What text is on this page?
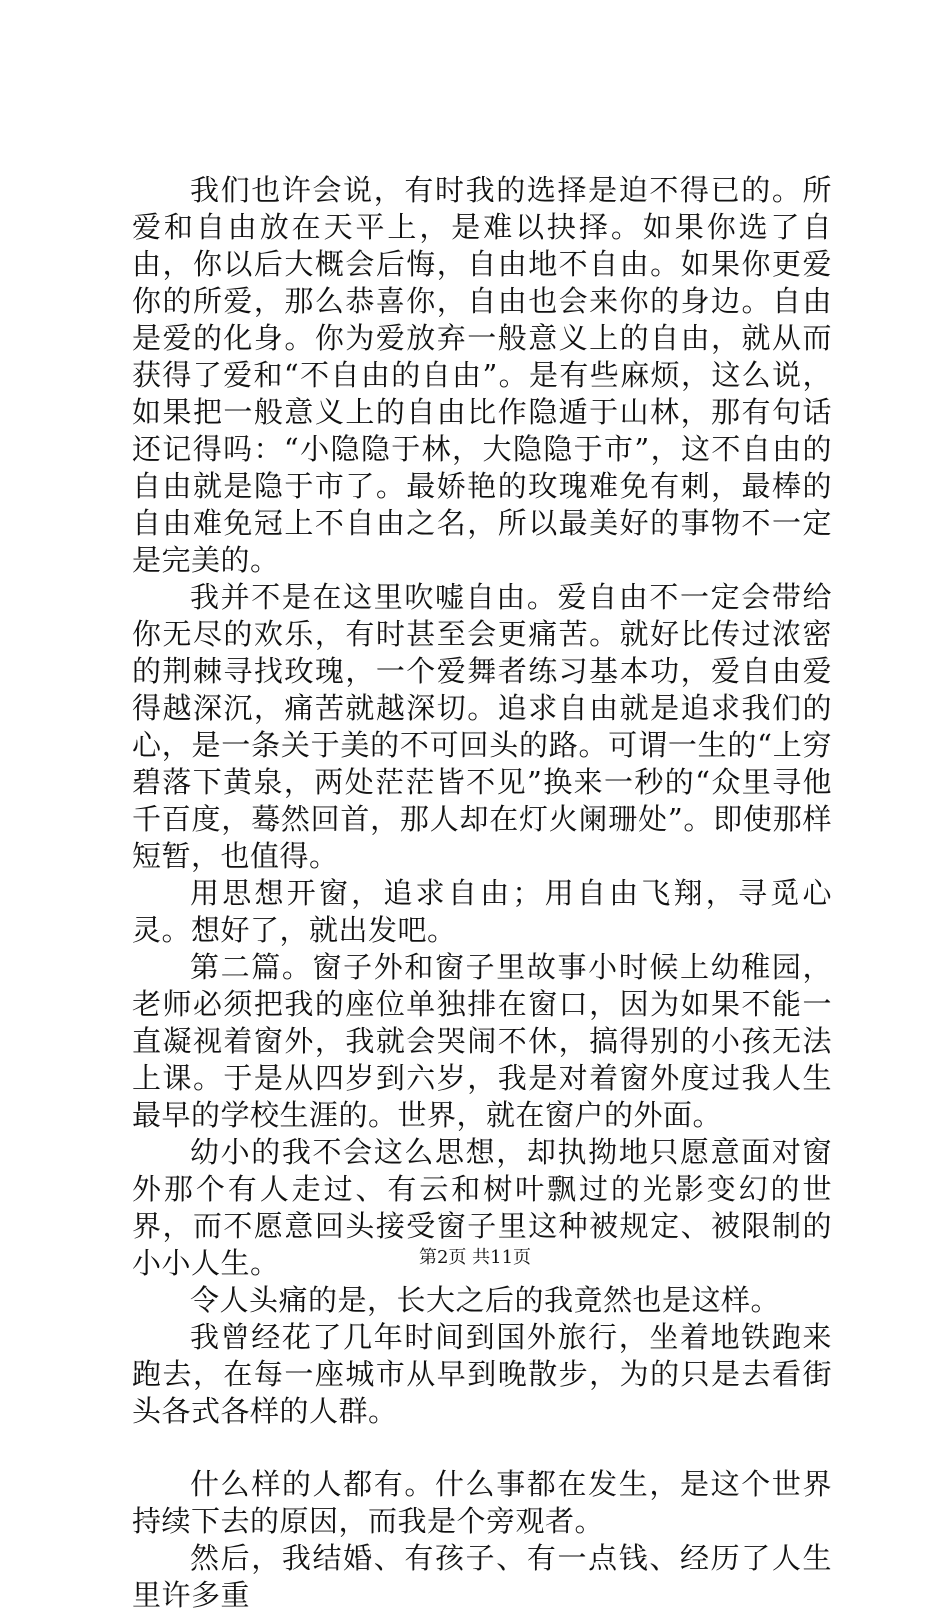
我们也许会说，有时我的选择是迫不得已的。所爱和自由放在天平上，是难以抉择。如果你选了自由，你以后大概会后悔，自由地不自由。如果你更爱你的所爱，那么恭喜你，自由也会来你的身边。自由是爱的化身。你为爱放弃一般意义上的自由，就从而获得了爱和“不自由的自由”。是有些麻烦，这么说，如果把一般意义上的自由比作隐遁于山林，那有句话还记得吗：“小隐隐于林，大隐隐于市”，这不自由的自由就是隐于市了。最娇艳的玫瑰难免有刺，最棒的自由难免冠上不自由之名，所以最美好的事物不一定是完美的。

我并不是在这里吹嘘自由。爱自由不一定会带给你无尽的欢乐，有时甚至会更痛苦。就好比传过浓密的荆棘寻找玫瑰，一个爱舞者练习基本功，爱自由爱得越深沉，痛苦就越深切。追求自由就是追求我们的心，是一条关于美的不可回头的路。可谓一生的“上穷碧落下黄泉，两处茫茫皆不见”换来一秒的“众里寻他千百度，蓦然回首，那人却在灯火阑珊处”。即使那样短暂，也值得。

用思想开窗，追求自由；用自由飞翔，寻觅心灵。想好了，就出发吧。

第二篇。窗子外和窗子里故事小时候上幼稚园，老师必须把我的座位单独排在窗口，因为如果不能一直凝视着窗外，我就会哭闹不休，搞得别的小孩无法上课。于是从四岁到六岁，我是对着窗外度过我人生最早的学校生涯的。世界，就在窗户的外面。

幼小的我不会这么思想，却执拗地只愿意面对窗外那个有人走过、有云和树叶飘过的光影变幻的世界，而不愿意回头接受窗子里这种被规定、被限制的小小人生。

令人头痛的是，长大之后的我竟然也是这样。

我曾经花了几年时间到国外旅行，坐着地铁跑来跑去，在每一座城市从早到晚散步，为的只是去看街头各式各样的人群。

什么样的人都有。什么事都在发生，是这个世界持续下去的原因，而我是个旁观者。

然后，我结婚、有孩子、有一点钱、经历了人生里许多重

第2页 共11页
